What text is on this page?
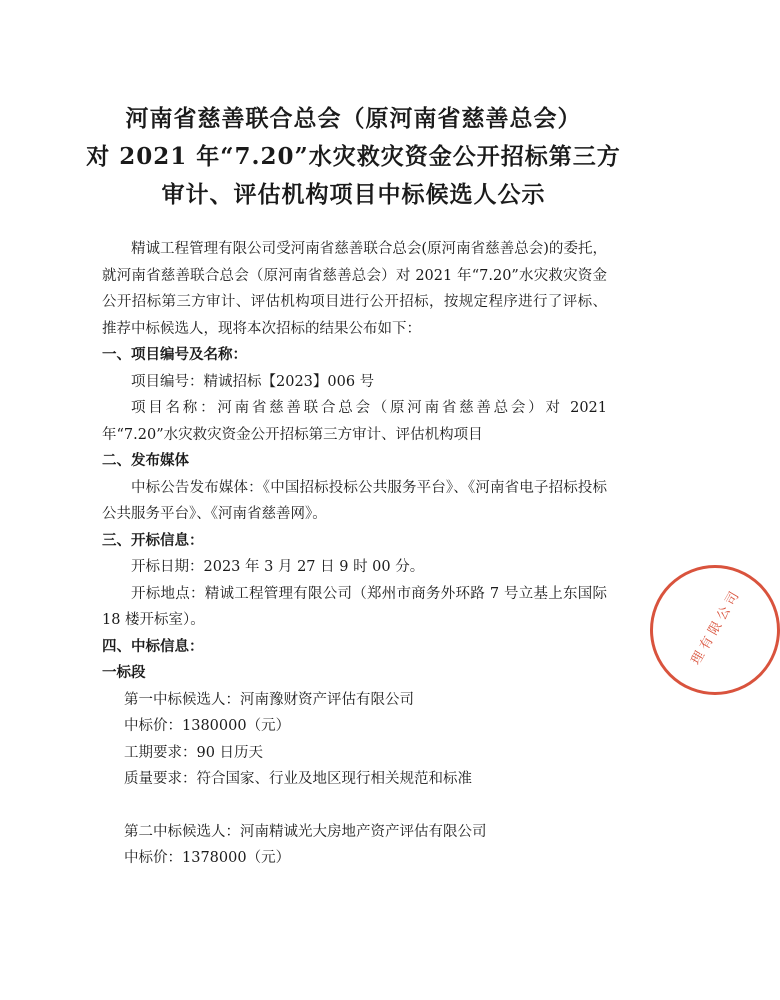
河南省慈善联合总会（原河南省慈善总会）
对 2021 年“7.20”水灾救灾资金公开招标第三方
审计、评估机构项目中标候选人公示

精诚工程管理有限公司受河南省慈善联合总会(原河南省慈善总会)的委托，就河南省慈善联合总会（原河南省慈善总会）对 2021 年“7.20”水灾救灾资金公开招标第三方审计、评估机构项目进行公开招标，按规定程序进行了评标、推荐中标候选人，现将本次招标的结果公布如下：

一、项目编号及名称：

项目编号：精诚招标【2023】006 号

项目名称：河南省慈善联合总会（原河南省慈善总会）对 2021 年“7.20”水灾救灾资金公开招标第三方审计、评估机构项目

二、发布媒体

中标公告发布媒体：《中国招标投标公共服务平台》、《河南省电子招标投标公共服务平台》、《河南省慈善网》。

三、开标信息：

开标日期：2023 年 3 月 27 日 9 时 00 分。

开标地点：精诚工程管理有限公司（郑州市商务外环路 7 号立基上东国际 18 楼开标室）。

四、中标信息：

一标段

第一中标候选人：河南豫财资产评估有限公司

中标价：1380000（元）

工期要求：90 日历天

质量要求：符合国家、行业及地区现行相关规范和标准

第二中标候选人：河南精诚光大房地产资产评估有限公司

中标价：1378000（元）

理 有 限 公 司
